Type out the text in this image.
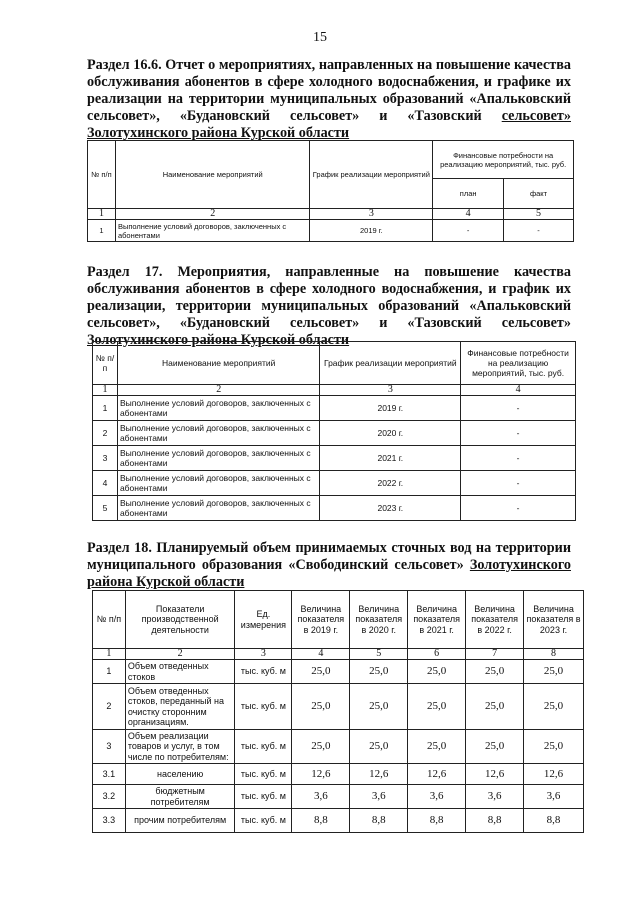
15
Раздел 16.6. Отчет о мероприятиях, направленных на повышение качества обслуживания абонентов в сфере холодного водоснабжения, и графике их реализации на территории муниципальных образований «Апальковский сельсовет», «Будановский сельсовет» и «Тазовский сельсовет» Золотухинского района Курской области
№ п/п	Наименование мероприятий	График реализации мероприятий	Финансовые потребности на реализацию мероприятий, тыс. руб.	
			план	факт
1	2	3	4	5
1	Выполнение условий договоров, заключенных с абонентами	2019 г.	-	-
Раздел 17. Мероприятия, направленные на повышение качества обслуживания абонентов в сфере холодного водоснабжения, и график их реализации, территории муниципальных образований «Апальковский сельсовет», «Будановский сельсовет» и «Тазовский сельсовет» Золотухинского района Курской области
№ п/п	Наименование мероприятий	График реализации мероприятий	Финансовые потребности на реализацию мероприятий, тыс. руб.
1	2	3	4
1	Выполнение условий договоров, заключенных с абонентами	2019 г.	-
2	Выполнение условий договоров, заключенных с абонентами	2020 г.	-
3	Выполнение условий договоров, заключенных с абонентами	2021 г.	-
4	Выполнение условий договоров, заключенных с абонентами	2022 г.	-
5	Выполнение условий договоров, заключенных с абонентами	2023 г.	-
Раздел 18. Планируемый объем принимаемых сточных вод на территории муниципального образования «Свободинский сельсовет» Золотухинского района Курской области
№ п/п	Показатели производственной деятельности	Ед. измерения	Величина показателя в 2019 г.	Величина показателя в 2020 г.	Величина показателя в 2021 г.	Величина показателя в 2022 г.	Величина показателя в 2023 г.
1	2	3	4	5	6	7	8
1	Объем отведенных стоков	тыс. куб. м	25,0	25,0	25,0	25,0	25,0
2	Объем отведенных стоков, переданный на очистку сторонним организациям.	тыс. куб. м	25,0	25,0	25,0	25,0	25,0
3	Объем реализации товаров и услуг, в том числе по потребителям:	тыс. куб. м	25,0	25,0	25,0	25,0	25,0
3.1	населению	тыс. куб. м	12,6	12,6	12,6	12,6	12,6
3.2	бюджетным потребителям	тыс. куб. м	3,6	3,6	3,6	3,6	3,6
3.3	прочим потребителям	тыс. куб. м	8,8	8,8	8,8	8,8	8,8
